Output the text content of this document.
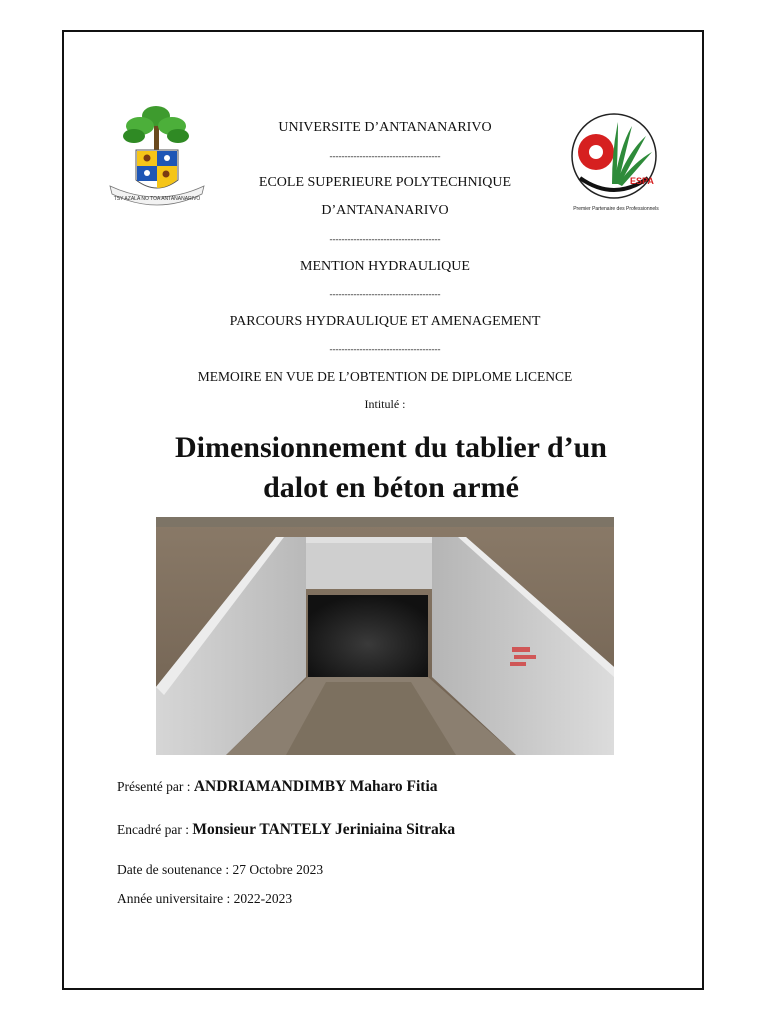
TSY AZALA NO TOA ANTANANARIVO
ESPA
Premier Partenaire des Professionnels
UNIVERSITE D’ANTANANARIVO
-------------------------------------
ECOLE SUPERIEURE POLYTECHNIQUE
D’ANTANANARIVO
-------------------------------------
MENTION HYDRAULIQUE
-------------------------------------
PARCOURS HYDRAULIQUE ET AMENAGEMENT
-------------------------------------
MEMOIRE EN VUE DE L’OBTENTION DE DIPLOME LICENCE
Intitulé :
Dimensionnement du tablier d’un
dalot en béton armé
Présenté par : ANDRIAMANDIMBY Maharo Fitia
Encadré par : Monsieur TANTELY Jeriniaina Sitraka
Date de soutenance : 27 Octobre 2023
Année universitaire : 2022-2023
